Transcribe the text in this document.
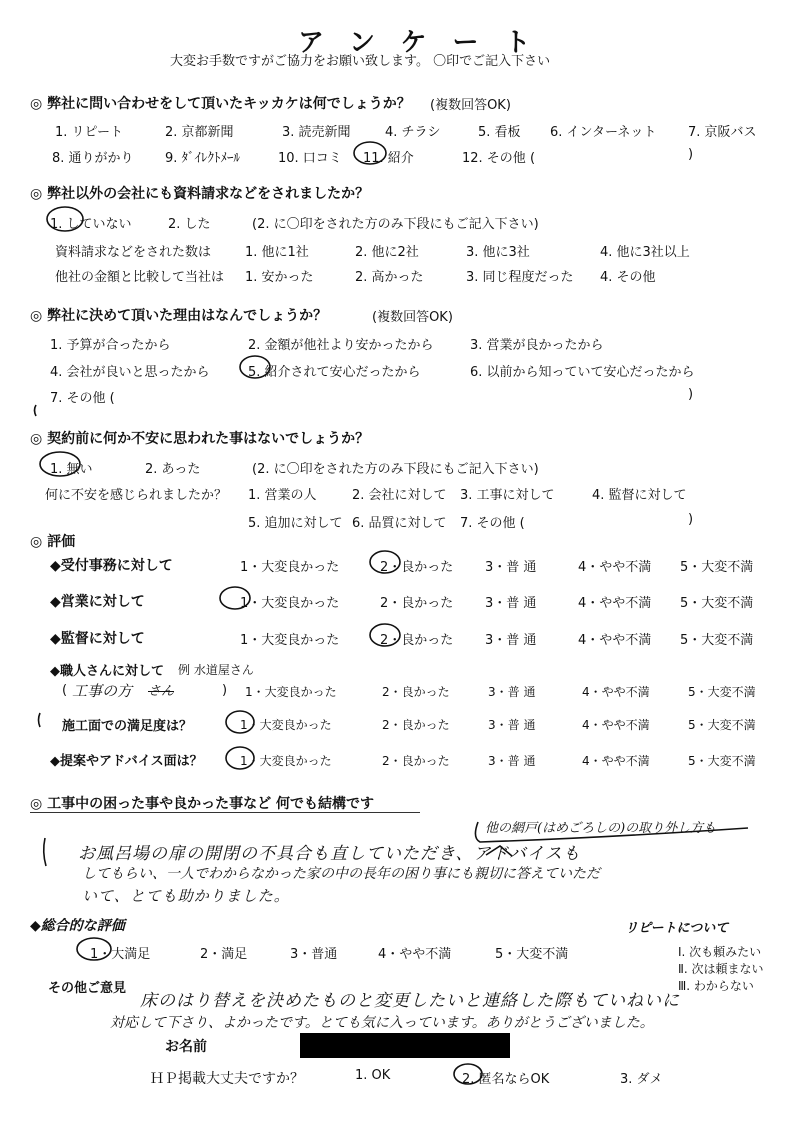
アンケート
大変お手数ですがご協力をお願い致します。 〇印でご記入下さい
◎ 弊社に問い合わせをして頂いたキッカケは何でしょうか？ (複数回答OK)
1. リピート	2. 京都新聞	3. 読売新聞	4. チラシ	5. 看板 6. インターネット 7. 京阪バス
8. 通りがかり 9. ﾀﾞｲﾚｸﾄﾒｰﾙ	10. 口コミ 11. 紹介	12. その他 (	)
◎ 弊社以外の会社にも資料請求などをされましたか？
1. していない	2. した	(2. に〇印をされた方のみ下段にもご記入下さい)
資料請求などをされた数は	1. 他に1社	2. 他に2社	3. 他に3社	4. 他に3社以上
他社の金額と比較して当社は 1. 安かった	2. 高かった	3. 同じ程度だった 4. その他
◎ 弊社に決めて頂いた理由はなんでしょうか？	(複数回答OK)
1. 予算が合ったから	2. 金額が他社より安かったから	3. 営業が良かったから
4. 会社が良いと思ったから	5. 紹介されて安心だったから	6. 以前から知っていて安心だったから
7. その他 (	)
◎ 契約前に何か不安に思われた事はないでしょうか？
1. 無い	2. あった	(2. に〇印をされた方のみ下段にもご記入下さい)
何に不安を感じられましたか？ 1. 営業の人	2. 会社に対して 3. 工事に対して	4. 監督に対して
5. 追加に対して 6. 品質に対して 7. その他 (	)
◎ 評価
◆受付事務に対して	1・大変良かった	2・良かった 3・普 通	4・やや不満 5・大変不満
◆営業に対して	1・大変良かった	2・良かった 3・普 通	4・やや不満 5・大変不満
◆監督に対して	1・大変良かった	2・良かった 3・普 通	4・やや不満 5・大変不満
◆職人さんに対して 例 水道屋さん
( 工事の方 さん	) 1・大変良かった	2・良かった	3・普 通	4・やや不満	5・大変不満
施工面での満足度は？	1・大変良かった	2・良かった	3・普 通	4・やや不満	5・大変不満
◆提案やアドバイス面は？	1・大変良かった	2・良かった	3・普 通	4・やや不満	5・大変不満
◎ 工事中の困った事や良かった事など 何でも結構です
他の網戸(はめごろしの)の取り外し方も
お風呂場の扉の開閉の不具合も直していただき、アドバイスも
してもらい、一人でわからなかった家の中の長年の困り事にも親切に答えていただ
いて、とても助かりました。
◆総合的な評価	リピートについて
1・大満足	2・満足	3・普通	4・やや不満	5・大変不満	Ⅰ. 次も頼みたい
Ⅱ. 次は頼まない
Ⅲ. わからない
その他ご意見
床のはり替えを決めたものと変更したいと連絡した際もていねいに
対応して下さり、よかったです。とても気に入っています。ありがとうございました。
お名前
ＨＰ掲載大丈夫ですか？	1. OK	2. 匿名ならOK	3. ダメ
